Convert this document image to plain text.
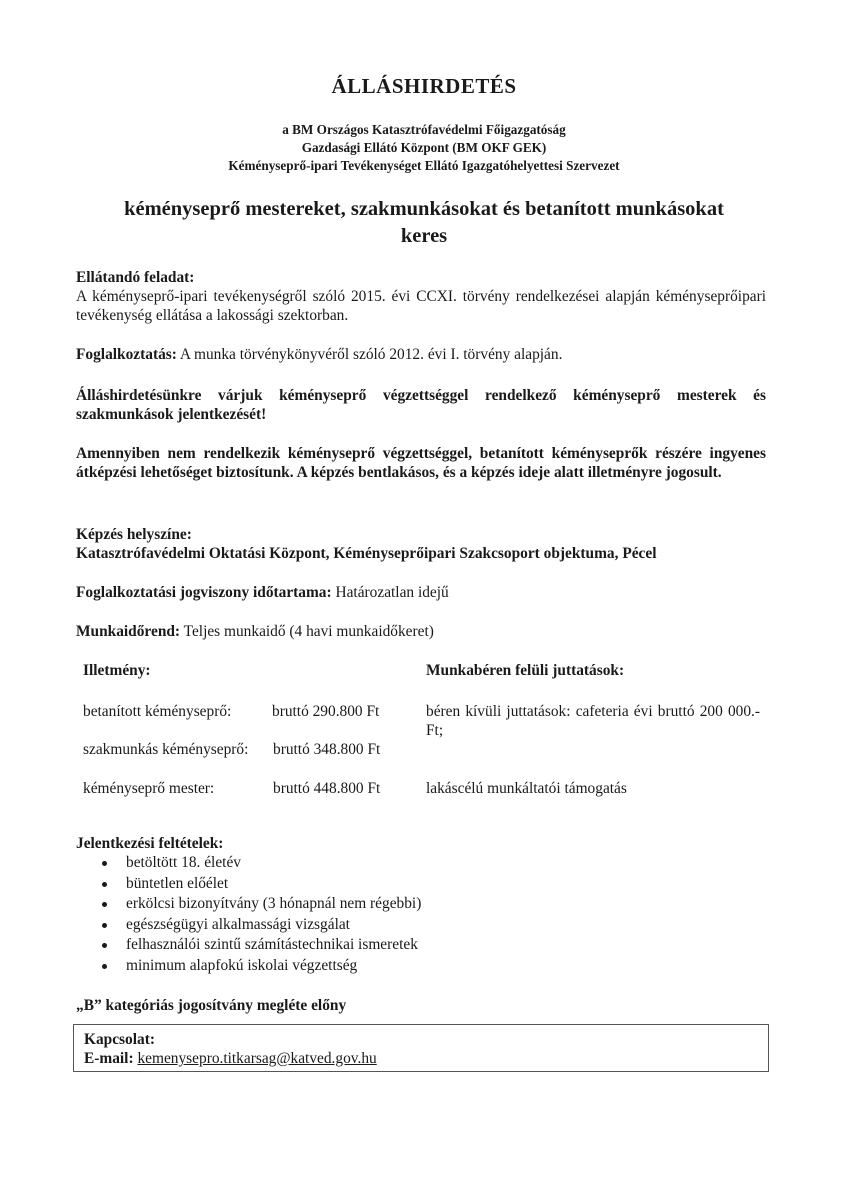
ÁLLÁSHIRDETÉS
a BM Országos Katasztrófavédelmi Főigazgatóság
Gazdasági Ellátó Központ (BM OKF GEK)
Kéményseprő-ipari Tevékenységet Ellátó Igazgatóhelyettesi Szervezet
kéményseprő mestereket, szakmunkásokat és betanított munkásokat
keres
Ellátandó feladat:
A kéményseprő-ipari tevékenységről szóló 2015. évi CCXI. törvény rendelkezései alapján kéményseprőipari tevékenység ellátása a lakossági szektorban.
Foglalkoztatás: A munka törvénykönyvéről szóló 2012. évi I. törvény alapján.
Álláshirdetésünkre várjuk kéményseprő végzettséggel rendelkező kéményseprő mesterek és szakmunkások jelentkezését!
Amennyiben nem rendelkezik kéményseprő végzettséggel, betanított kéményseprők részére ingyenes átképzési lehetőséget biztosítunk. A képzés bentlakásos, és a képzés ideje alatt illetményre jogosult.
Képzés helyszíne:
Katasztrófavédelmi Oktatási Központ, Kéményseprőipari Szakcsoport objektuma, Pécel
Foglalkoztatási jogviszony időtartama: Határozatlan idejű
Munkaidőrend: Teljes munkaidő (4 havi munkaidőkeret)
Illetmény:
betanított kéményseprő:	bruttó 290.800 Ft
szakmunkás kéményseprő: bruttó 348.800 Ft
kéményseprő mester:	bruttó 448.800 Ft
Munkabéren felüli juttatások:
béren kívüli juttatások: cafeteria évi bruttó 200 000.- Ft;
lakáscélú munkáltatói támogatás
Jelentkezési feltételek:
betöltött 18. életév
büntetlen előélet
erkölcsi bizonyítvány (3 hónapnál nem régebbi)
egészségügyi alkalmassági vizsgálat
felhasználói szintű számítástechnikai ismeretek
minimum alapfokú iskolai végzettség
„B” kategóriás jogosítvány megléte előny
Kapcsolat:
E-mail: kemenysepro.titkarsag@katved.gov.hu
